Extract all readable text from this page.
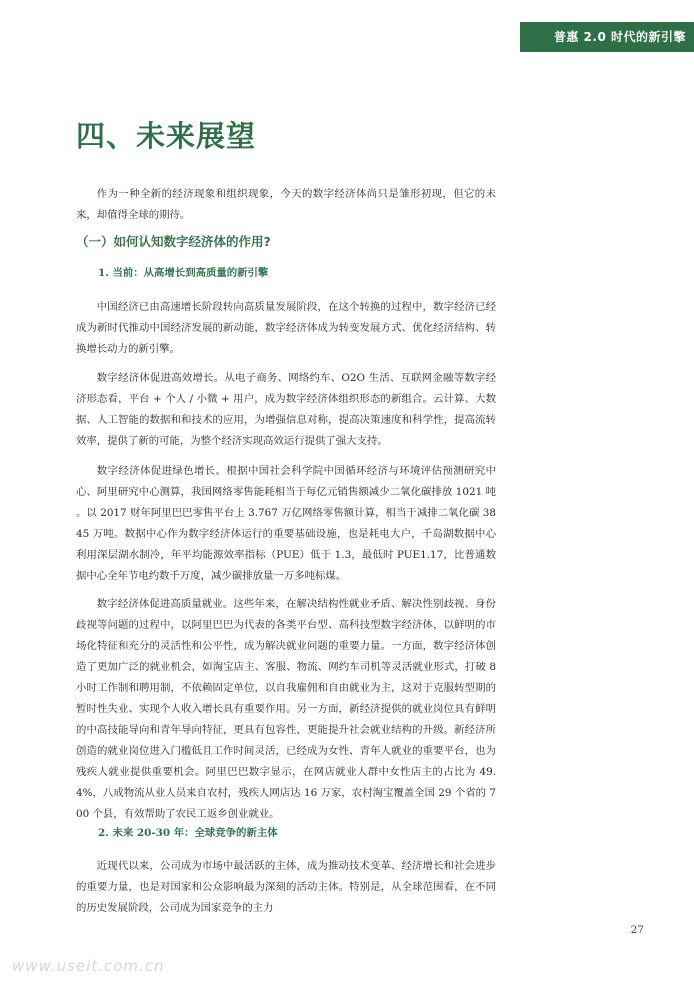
普惠 2.0 时代的新引擎
四、未来展望

作为一种全新的经济现象和组织现象，今天的数字经济体尚只是雏形初现，但它的未来，却值得全球的期待。

（一）如何认知数字经济体的作用?
1. 当前：从高增长到高质量的新引擎

中国经济已由高速增长阶段转向高质量发展阶段，在这个转换的过程中，数字经济已经成为新时代推动中国经济发展的新动能，数字经济体成为转变发展方式、优化经济结构、转换增长动力的新引擎。

数字经济体促进高效增长。从电子商务、网络约车、O2O 生活、互联网金融等数字经济形态看，平台 + 个人 / 小微 + 用户，成为数字经济体组织形态的新组合。云计算、大数据、人工智能的数据和和技术的应用，为增强信息对称，提高决策速度和科学性，提高流转效率，提供了新的可能，为整个经济实现高效运行提供了强大支持。

数字经济体促进绿色增长。根据中国社会科学院中国循环经济与环境评估预测研究中心、阿里研究中心测算，我国网络零售能耗相当于每亿元销售额减少二氧化碳排放 1021 吨 。以 2017 财年阿里巴巴零售平台上 3.767 万亿网络零售额计算，相当于减排二氧化碳 3845 万吨。数据中心作为数字经济体运行的重要基础设施，也是耗电大户，千岛湖数据中心利用深层湖水制冷，年平均能源效率指标（PUE）低于 1.3，最低时 PUE1.17，比普通数据中心全年节电约数千万度，减少碳排放量一万多吨标煤。

数字经济体促进高质量就业。这些年来，在解决结构性就业矛盾、解决性别歧视、身份歧视等问题的过程中，以阿里巴巴为代表的各类平台型、高科技型数字经济体，以鲜明的市场化特征和充分的灵活性和公平性，成为解决就业问题的重要力量。一方面，数字经济体创造了更加广泛的就业机会，如淘宝店主、客服、物流、网约车司机等灵活就业形式，打破 8 小时工作制和聘用制，不依赖固定单位，以自我雇佣和自由就业为主，这对于克服转型期的暂时性失业、实现个人收入增长具有重要作用。另一方面，新经济提供的就业岗位具有鲜明的中高技能导向和青年导向特征，更具有包容性，更能提升社会就业结构的升级。新经济所创造的就业岗位进入门槛低且工作时间灵活，已经成为女性、青年人就业的重要平台，也为残疾人就业提供重要机会。阿里巴巴数字显示，在网店就业人群中女性店主的占比为 49.4%，八成物流从业人员来自农村，残疾人网店达 16 万家，农村淘宝覆盖全国 29 个省的 700 个县，有效帮助了农民工返乡创业就业。

2. 未来 20-30 年：全球竞争的新主体

近现代以来，公司成为市场中最活跃的主体，成为推动技术变革、经济增长和社会进步的重要力量，也是对国家和公众影响最为深刻的活动主体。特别是，从全球范围看，在不同的历史发展阶段，公司成为国家竞争的主力

27
www.useit.com.cn
